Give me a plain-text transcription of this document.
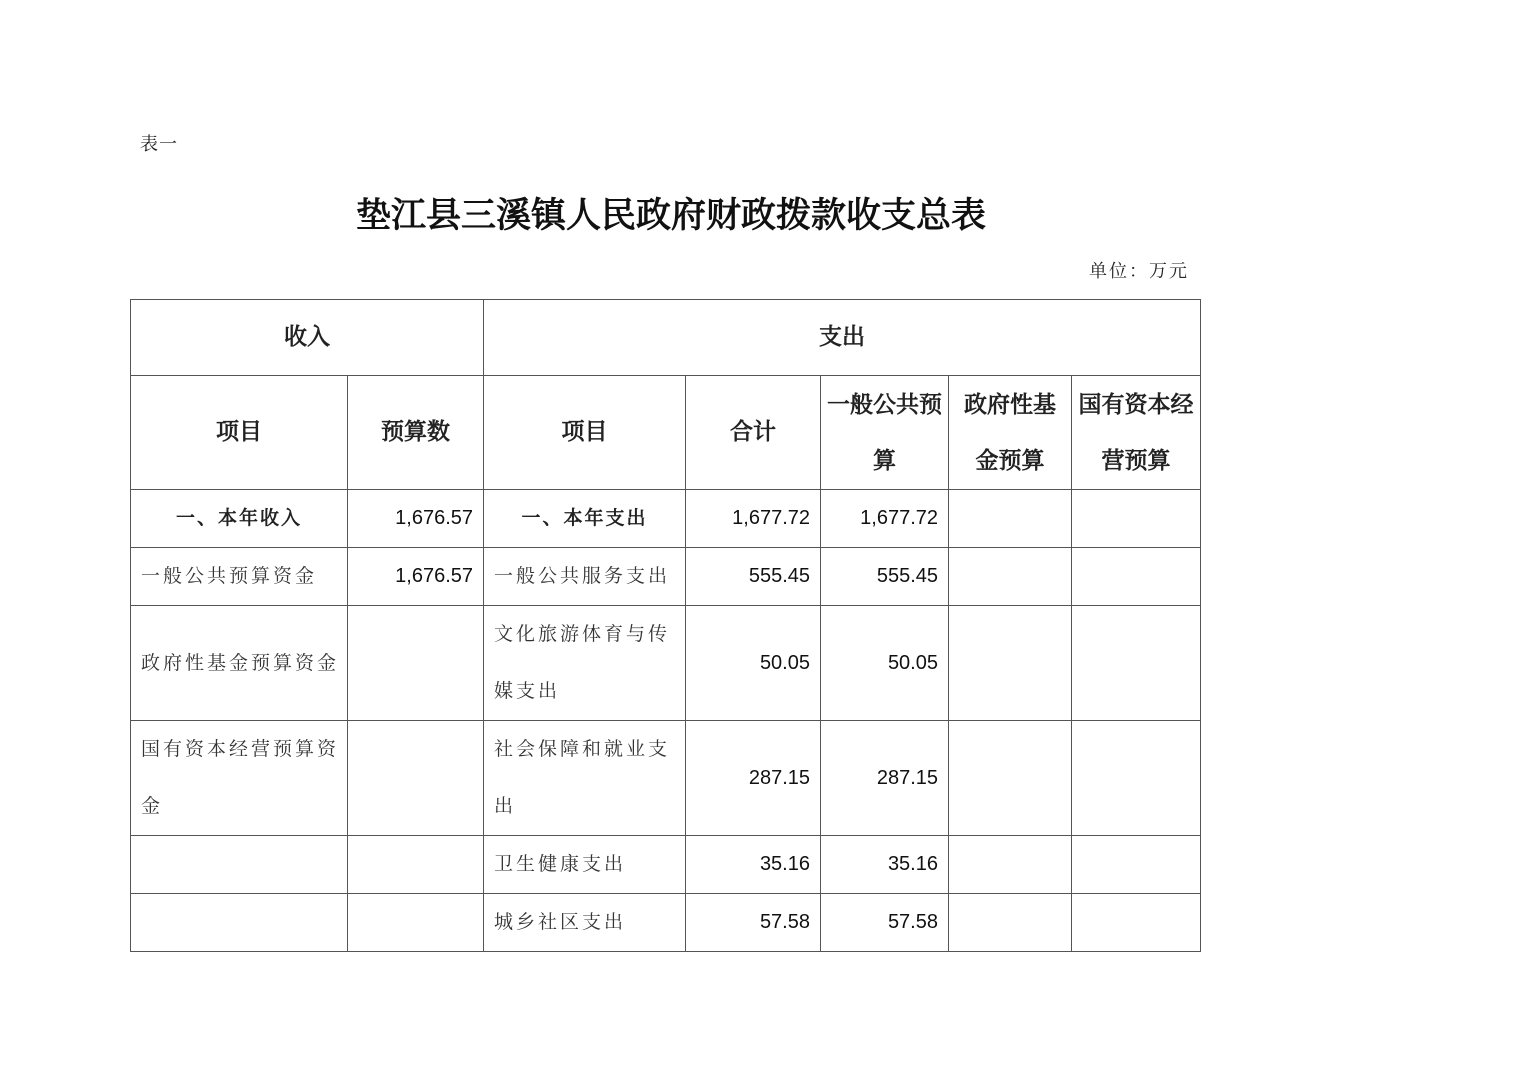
表一
垫江县三溪镇人民政府财政拨款收支总表
单位：万元
收入		支出				
项目	预算数	项目	合计	一般公共预算	政府性基金预算	国有资本经营预算

一、本年收入	1,676.57	一、本年支出	1,677.72	1,677.72		
一般公共预算资金	1,676.57	一般公共服务支出	555.45	555.45		
政府性基金预算资金		文化旅游体育与传媒支出	50.05	50.05		
国有资本经营预算资金		社会保障和就业支出	287.15	287.15		
		卫生健康支出	35.16	35.16		
		城乡社区支出	57.58	57.58		
